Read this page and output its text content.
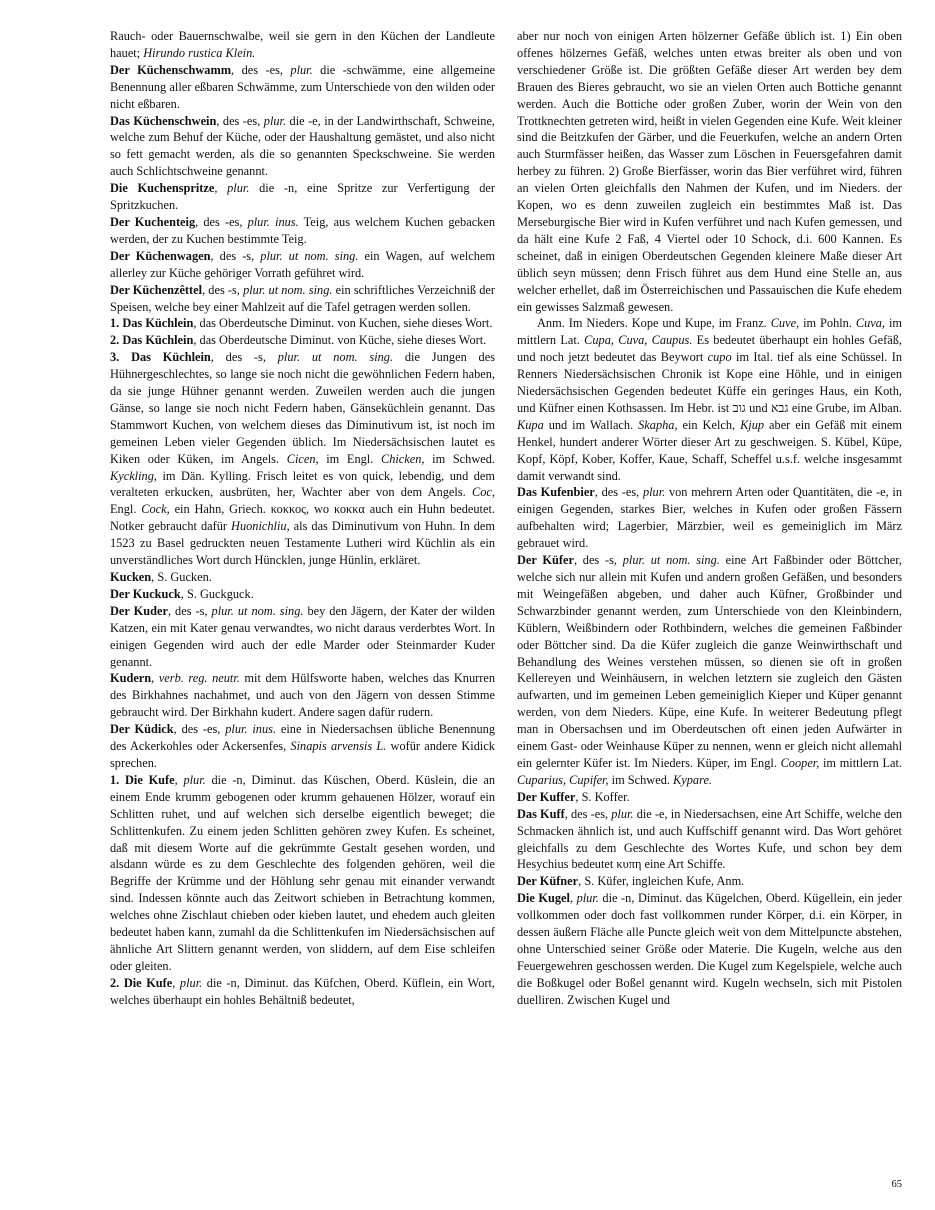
Rauch- oder Bauernschwalbe, weil sie gern in den Küchen der Landleute hauet; Hirundo rustica Klein.

Der Küchenschwamm, des -es, plur. die -schwämme, eine allgemeine Benennung aller eßbaren Schwämme, zum Unterschiede von den wilden oder nicht eßbaren.

Das Küchenschwein, des -es, plur. die -e, in der Landwirthschaft, Schweine, welche zum Behuf der Küche, oder der Haushaltung gemästet, und also nicht so fett gemacht werden, als die so genannten Speckschweine. Sie werden auch Schlichtschweine genannt.

Die Kuchenspritze, plur. die -n, eine Spritze zur Verfertigung der Spritzkuchen.

Der Kuchenteig, des -es, plur. inus. Teig, aus welchem Kuchen gebacken werden, der zu Kuchen bestimmte Teig.

Der Küchenwagen, des -s, plur. ut nom. sing. ein Wagen, auf welchem allerley zur Küche gehöriger Vorrath geführet wird.

Der Küchenzêttel, des -s, plur. ut nom. sing. ein schriftliches Verzeichniß der Speisen, welche bey einer Mahlzeit auf die Tafel getragen werden sollen.

1. Das Küchlein, das Oberdeutsche Diminut. von Kuchen, siehe dieses Wort.

2. Das Küchlein, das Oberdeutsche Diminut. von Küche, siehe dieses Wort.

3. Das Küchlein, des -s, plur. ut nom. sing. die Jungen des Hühnergeschlechtes, so lange sie noch nicht die gewöhnlichen Federn haben, da sie junge Hühner genannt werden. Zuweilen werden auch die jungen Gänse, so lange sie noch nicht Federn haben, Gänseküchlein genannt. Das Stammwort Kuchen, von welchem dieses das Diminutivum ist, ist noch im gemeinen Leben vieler Gegenden üblich. Im Niedersächsischen lautet es Kiken oder Küken, im Angels. Cicen, im Engl. Chicken, im Schwed. Kyckling, im Dän. Kylling. Frisch leitet es von quick, lebendig, und dem veralteten erkucken, ausbrüten, her, Wachter aber von dem Angels. Coc, Engl. Cock, ein Hahn, Griech. κοκκος, wo κοκκα auch ein Huhn bedeutet. Notker gebraucht dafür Huonichliu, als das Diminutivum von Huhn. In dem 1523 zu Basel gedruckten neuen Testamente Lutheri wird Küchlin als ein unverständliches Wort durch Hüncklen, junge Hünlin, erkläret.

Kucken, S. Gucken.

Der Kuckuck, S. Guckguck.

Der Kuder, des -s, plur. ut nom. sing. bey den Jägern, der Kater der wilden Katzen, ein mit Kater genau verwandtes, wo nicht daraus verderbtes Wort. In einigen Gegenden wird auch der edle Marder oder Steinmarder Kuder genannt.

Kudern, verb. reg. neutr. mit dem Hülfsworte haben, welches das Knurren des Birkhahnes nachahmet, und auch von den Jägern von dessen Stimme gebraucht wird. Der Birkhahn kudert. Andere sagen dafür rudern.

Der Küdick, des -es, plur. inus. eine in Niedersachsen übliche Benennung des Ackerkohles oder Ackersenfes, Sinapis arvensis L. wofür andere Kidick sprechen.

1. Die Kufe, plur. die -n, Diminut. das Küschen, Oberd. Küslein, die an einem Ende krumm gebogenen oder krumm gehauenen Hölzer, worauf ein Schlitten ruhet, und auf welchen sich derselbe eigentlich beweget; die Schlittenkufen. Zu einem jeden Schlitten gehören zwey Kufen. Es scheinet, daß mit diesem Worte auf die gekrümmte Gestalt gesehen worden, und alsdann würde es zu dem Geschlechte des folgenden gehören, weil die Begriffe der Krümme und der Höhlung sehr genau mit einander verwandt sind. Indessen könnte auch das Zeitwort schieben in Betrachtung kommen, welches ohne Zischlaut chieben oder kieben lautet, und ehedem auch gleiten bedeutet haben kann, zumahl da die Schlittenkufen im Niedersächsischen auf ähnliche Art Slittern genannt werden, von sliddern, auf dem Eise schleifen oder gleiten.

2. Die Kufe, plur. die -n, Diminut. das Küfchen, Oberd. Küflein, ein Wort, welches überhaupt ein hohles Behältniß bedeutet,

aber nur noch von einigen Arten hölzerner Gefäße üblich ist. 1) Ein oben offenes hölzernes Gefäß, welches unten etwas breiter als oben und von verschiedener Größe ist. Die größten Gefäße dieser Art werden bey dem Brauen des Bieres gebraucht, wo sie an vielen Orten auch Bottiche genannt werden. Auch die Bottiche oder großen Zuber, worin der Wein von den Trottknechten getreten wird, heißt in vielen Gegenden eine Kufe. Weit kleiner sind die Beitzkufen der Gärber, und die Feuerkufen, welche an andern Orten auch Sturmfässer heißen, das Wasser zum Löschen in Feuersgefahren damit herbey zu führen. 2) Große Bierfässer, worin das Bier verführet wird, führen an vielen Orten gleichfalls den Nahmen der Kufen, und im Nieders. der Kopen, wo es denn zuweilen zugleich ein bestimmtes Maß ist. Das Merseburgische Bier wird in Kufen verführet und nach Kufen gemessen, und da hält eine Kufe 2 Faß, 4 Viertel oder 10 Schock, d.i. 600 Kannen. Es scheinet, daß in einigen Oberdeutschen Gegenden kleinere Maße dieser Art üblich seyn müssen; denn Frisch führet aus dem Hund eine Stelle an, aus welcher erhellet, daß im Österreichischen und Passauischen die Kufe ehedem ein gewisses Salzmaß gewesen.

Anm. Im Nieders. Kope und Kupe, im Franz. Cuve, im Pohln. Cuva, im mittlern Lat. Cupa, Cuva, Caupus. Es bedeutet überhaupt ein hohles Gefäß, und noch jetzt bedeutet das Beywort cupo im Ital. tief als eine Schüssel. In Renners Niedersächsischen Chronik ist Kope eine Höhle, und in einigen Niedersächsischen Gegenden bedeutet Küffe ein geringes Haus, ein Koth, und Küfner einen Kothsassen. Im Hebr. ist גוב und גבא eine Grube, im Alban. Kupa und im Wallach. Skapha, ein Kelch, Kjup aber ein Gefäß mit einem Henkel, hundert anderer Wörter dieser Art zu geschweigen. S. Kübel, Küpe, Kopf, Köpf, Kober, Koffer, Kaue, Schaff, Scheffel u.s.f. welche insgesammt damit verwandt sind.

Das Kufenbier, des -es, plur. von mehrern Arten oder Quantitäten, die -e, in einigen Gegenden, starkes Bier, welches in Kufen oder großen Fässern aufbehalten wird; Lagerbier, Märzbier, weil es gemeiniglich im März gebrauet wird.

Der Küfer, des -s, plur. ut nom. sing. eine Art Faßbinder oder Böttcher, welche sich nur allein mit Kufen und andern großen Gefäßen, und besonders mit Weingefäßen abgeben, und daher auch Küfner, Großbinder und Schwarzbinder genannt werden, zum Unterschiede von den Kleinbindern, Küblern, Weißbindern oder Rothbindern, welches die gemeinen Faßbinder oder Böttcher sind. Da die Küfer zugleich die ganze Weinwirthschaft und Behandlung des Weines verstehen müssen, so dienen sie oft in großen Kellereyen und Weinhäusern, in welchen letztern sie zugleich den Gästen aufwarten, und im gemeinen Leben gemeiniglich Kieper und Küper genannt werden, von dem Nieders. Küpe, eine Kufe. In weiterer Bedeutung pflegt man in Obersachsen und im Oberdeutschen oft einen jeden Aufwärter in einem Gast- oder Weinhause Küper zu nennen, wenn er gleich nicht allemahl ein gelernter Küfer ist. Im Nieders. Küper, im Engl. Cooper, im mittlern Lat. Cuparius, Cupifer, im Schwed. Kypare.

Der Kuffer, S. Koffer.

Das Kuff, des -es, plur. die -e, in Niedersachsen, eine Art Schiffe, welche den Schmacken ähnlich ist, und auch Kuffschiff genannt wird. Das Wort gehöret gleichfalls zu dem Geschlechte des Wortes Kufe, und schon bey dem Hesychius bedeutet κυπη eine Art Schiffe.

Der Küfner, S. Küfer, ingleichen Kufe, Anm.

Die Kugel, plur. die -n, Diminut. das Kügelchen, Oberd. Kügellein, ein jeder vollkommen oder doch fast vollkommen runder Körper, d.i. ein Körper, in dessen äußern Fläche alle Puncte gleich weit von dem Mittelpuncte abstehen, ohne Unterschied seiner Größe oder Materie. Die Kugeln, welche aus den Feuergewehren geschossen werden. Die Kugel zum Kegelspiele, welche auch die Boßkugel oder Boßel genannt wird. Kugeln wechseln, sich mit Pistolen duelliren. Zwischen Kugel und

65
